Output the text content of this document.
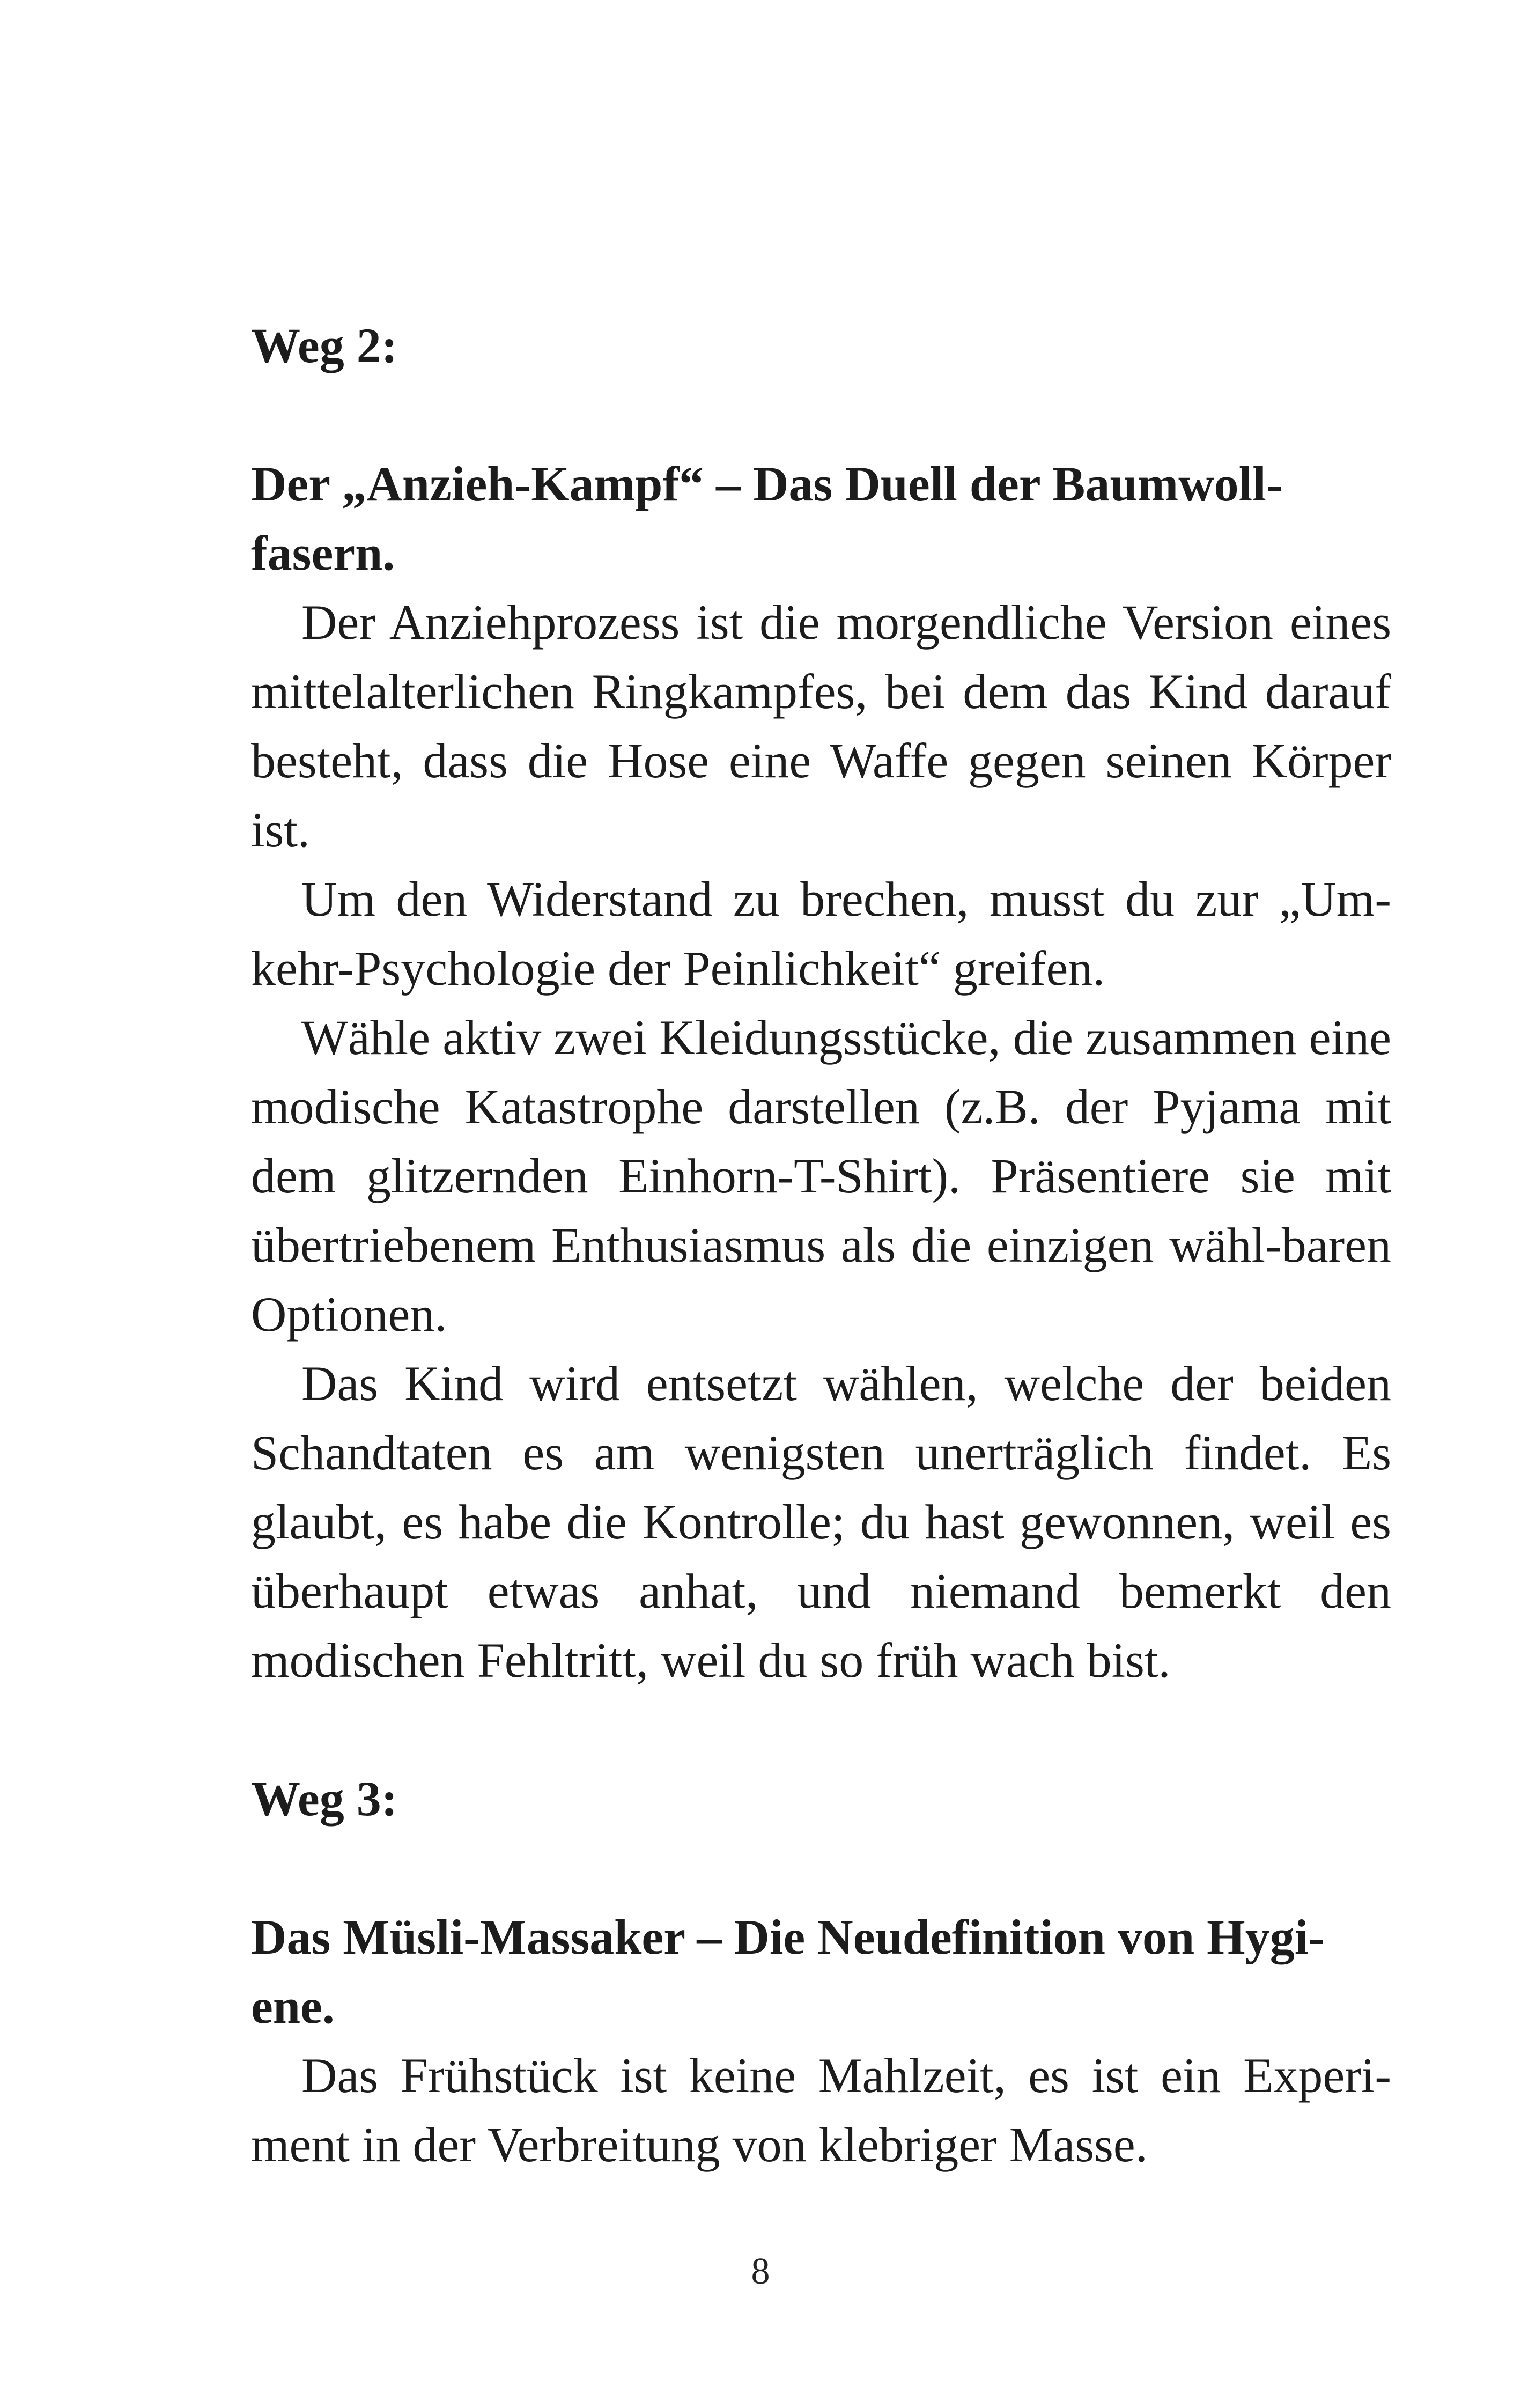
Weg 2:

Der „Anzieh-Kampf“ – Das Duell der Baumwoll-fasern.

Der Anziehprozess ist die morgendliche Version eines mittelalterlichen Ringkampfes, bei dem das Kind darauf besteht, dass die Hose eine Waffe gegen seinen Körper ist.

Um den Widerstand zu brechen, musst du zur „Um-kehr-Psychologie der Peinlichkeit“ greifen.

Wähle aktiv zwei Kleidungsstücke, die zusammen eine modische Katastrophe darstellen (z.B. der Pyjama mit dem glitzernden Einhorn-T-Shirt). Präsentiere sie mit übertriebenem Enthusiasmus als die einzigen wähl-baren Optionen.

Das Kind wird entsetzt wählen, welche der beiden Schandtaten es am wenigsten unerträglich findet. Es glaubt, es habe die Kontrolle; du hast gewonnen, weil es überhaupt etwas anhat, und niemand bemerkt den modischen Fehltritt, weil du so früh wach bist.

Weg 3:

Das Müsli-Massaker – Die Neudefinition von Hygi-ene.

Das Frühstück ist keine Mahlzeit, es ist ein Experi-ment in der Verbreitung von klebriger Masse.

8
